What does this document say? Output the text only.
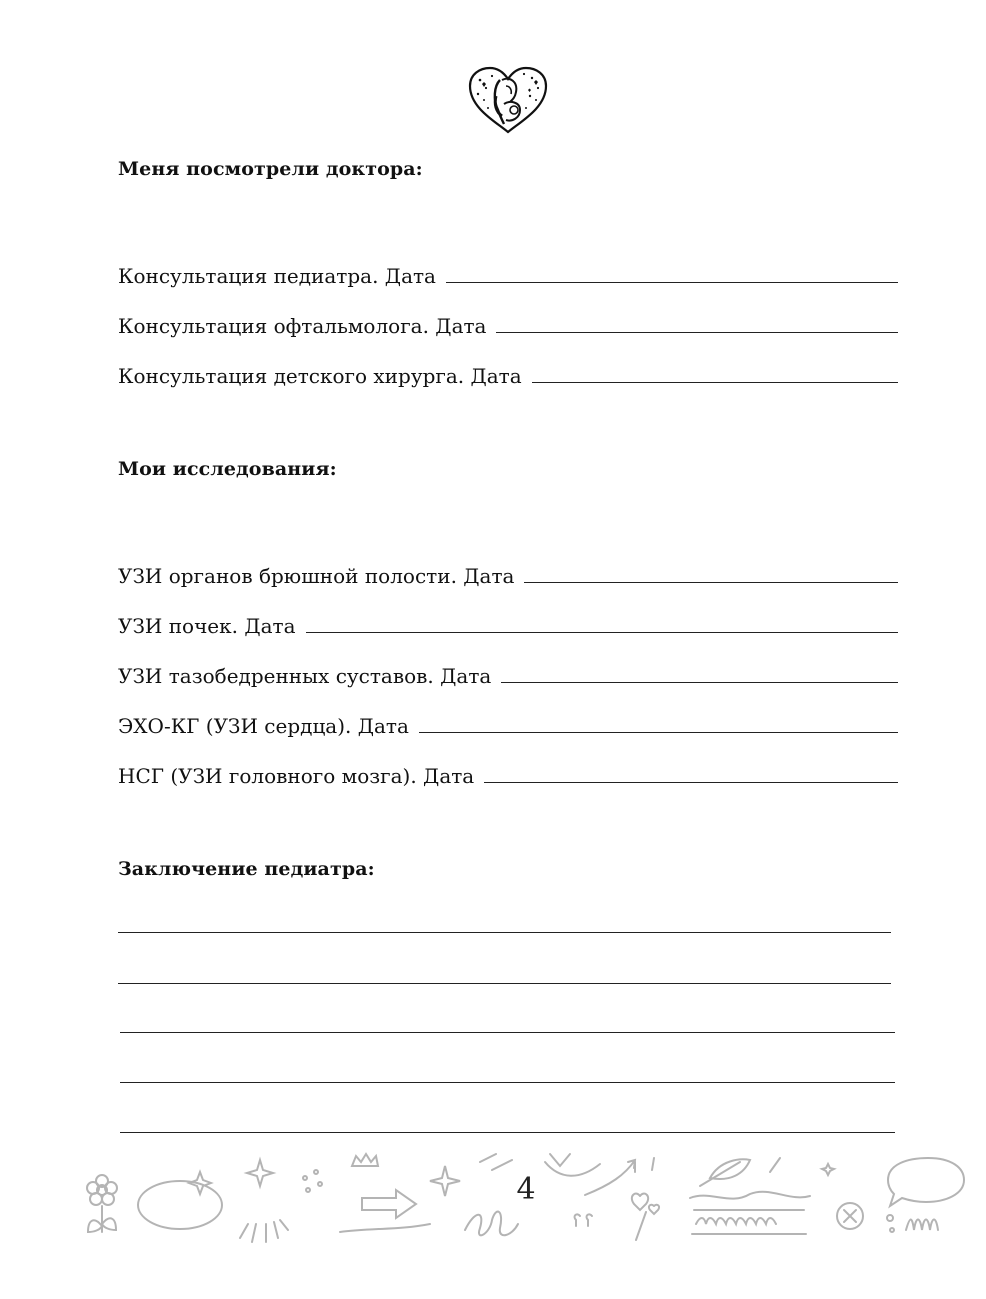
Меня посмотрели доктора:
Консультация педиатра. Дата
Консультация офтальмолога. Дата
Консультация детского хирурга. Дата
Мои исследования:
УЗИ органов брюшной полости. Дата
УЗИ почек. Дата
УЗИ тазобедренных суставов. Дата
ЭХО-КГ (УЗИ сердца). Дата
НСГ (УЗИ головного мозга). Дата
Заключение педиатра:
4
